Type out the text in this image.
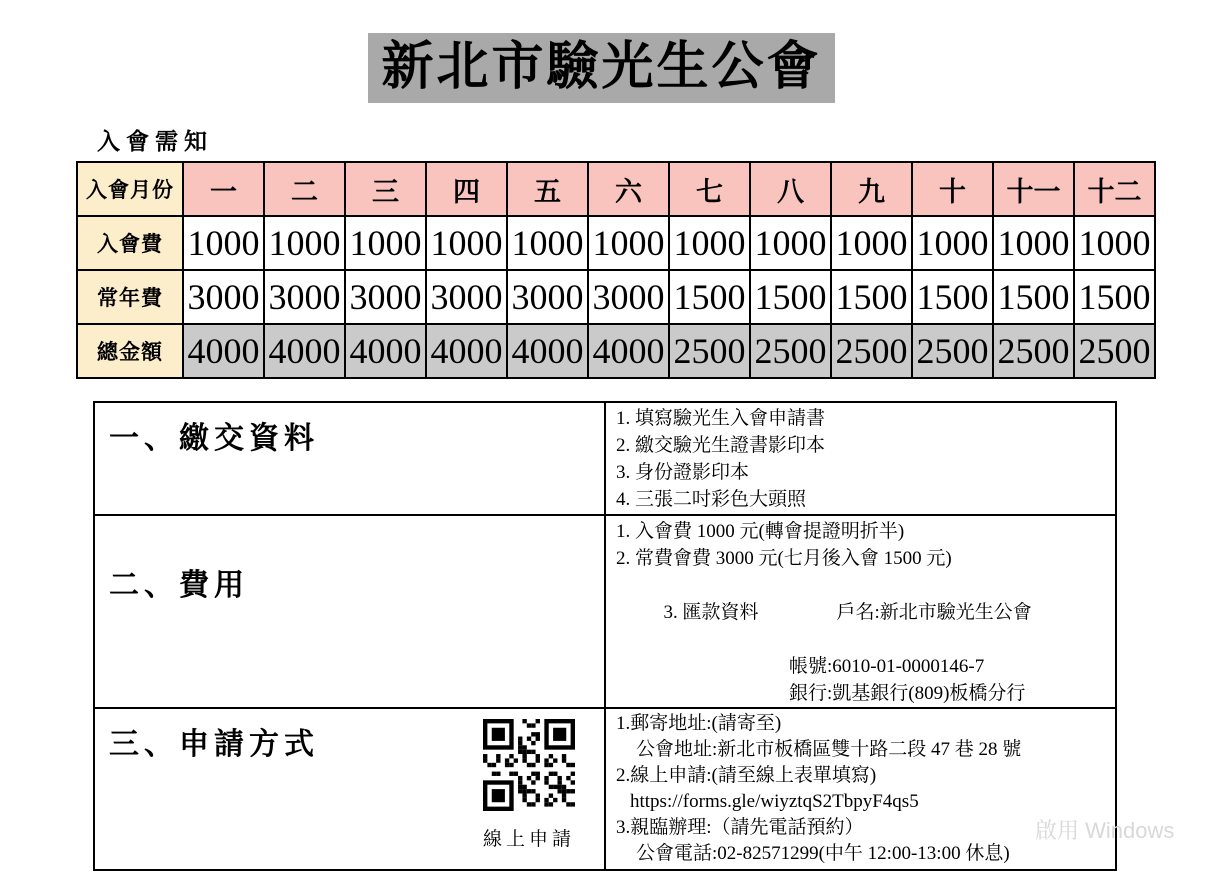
新北市驗光生公會
入會需知
入會月份	一	二	三	四	五	六	七	八	九	十	十一	十二
入會費	1000	1000	1000	1000	1000	1000	1000	1000	1000	1000	1000	1000
常年費	3000	3000	3000	3000	3000	3000	1500	1500	1500	1500	1500	1500
總金額	4000	4000	4000	4000	4000	4000	2500	2500	2500	2500	2500	2500
一、繳交資料	1. 填寫驗光生入會申請書
2. 繳交驗光生證書影印本
3. 身份證影印本
4. 三張二吋彩色大頭照

二、費用	1. 入會費 1000 元(轉會提證明折半)
2. 常費會費 3000 元(七月後入會 1500 元)

3. 匯款資料 戶名:新北市驗光生公會

帳號:6010-01-0000146-7
銀行:凱基銀行(809)板橋分行

三、申請方式
線上申請

1.郵寄地址:(請寄至)
公會地址:新北市板橋區雙十路二段 47 巷 28 號
2.線上申請:(請至線上表單填寫)
https://forms.gle/wiyztqS2TbpyF4qs5
3.親臨辦理:（請先電話預約）
公會電話:02-82571299(中午 12:00-13:00 休息)
啟用 Windows
